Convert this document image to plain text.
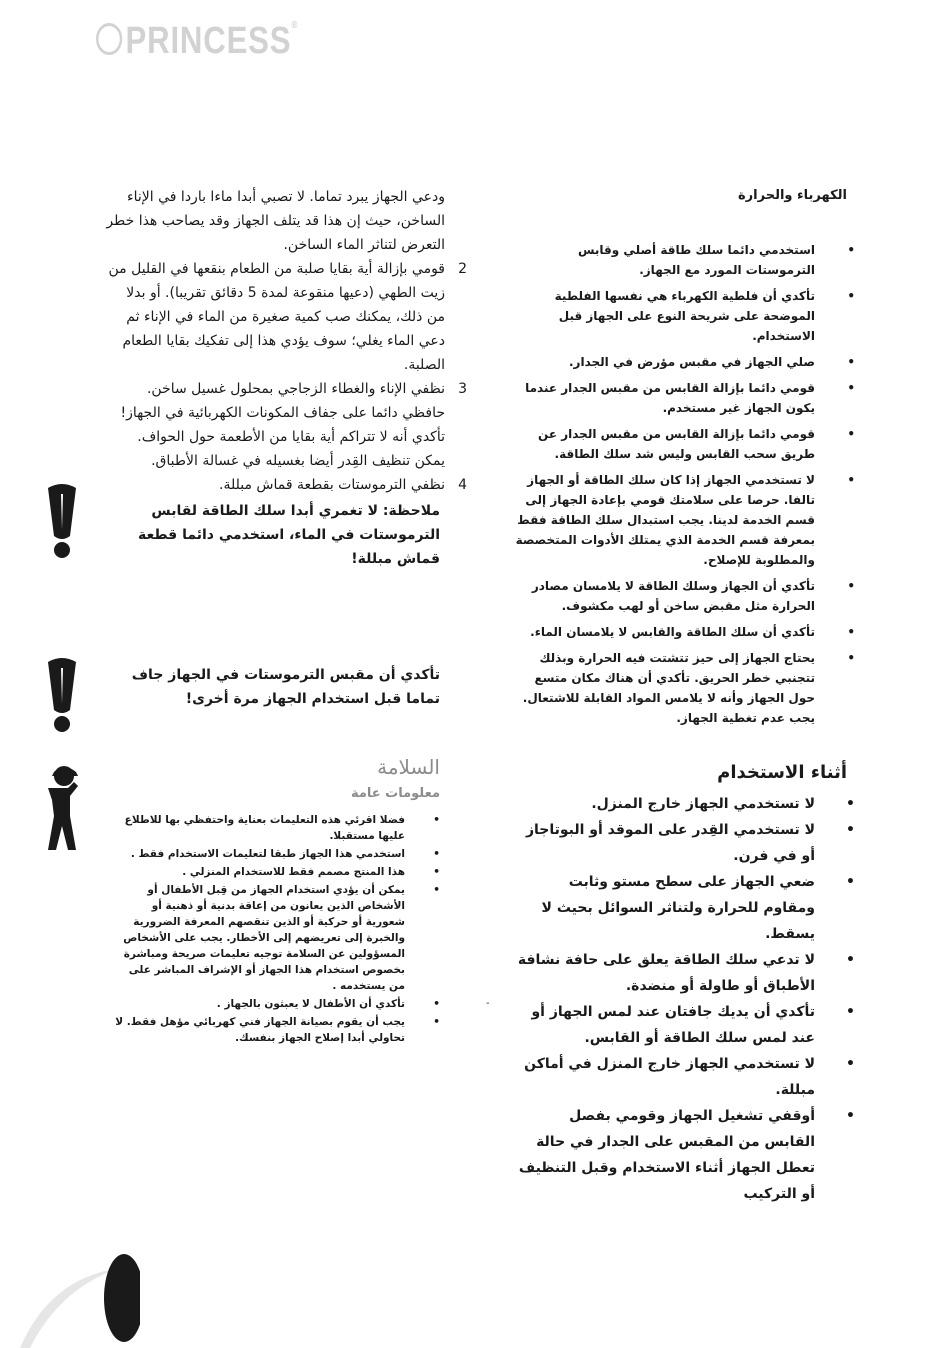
PRINCESS®
الكهرباء والحرارة
•
استخدمي دائما سلك طاقة أصلي وقابس الترموستات المورد مع الجهاز.
•
تأكدي أن فلطية الكهرباء هي نفسها الفلطية الموضحة على شريحة النوع على الجهاز قبل الاستخدام.
•
صلي الجهاز في مقبس مؤرض في الجدار.
•
قومي دائما بإزالة القابس من مقبس الجدار عندما يكون الجهاز غير مستخدم.
•
قومي دائما بإزالة القابس من مقبس الجدار عن طريق سحب القابس وليس شد سلك الطاقة.
•
لا تستخدمي الجهاز إذا كان سلك الطاقة أو الجهاز تالفا. حرصا على سلامتك قومي بإعادة الجهاز إلى قسم الخدمة لدينا. يجب استبدال سلك الطاقة فقط بمعرفة قسم الخدمة الذي يمتلك الأدوات المتخصصة والمطلوبة للإصلاح.
•
تأكدي أن الجهاز وسلك الطاقة لا يلامسان مصادر الحرارة مثل مقبض ساخن أو لهب مكشوف.
•
تأكدي أن سلك الطاقة والقابس لا يلامسان الماء.
•
يحتاج الجهاز إلى حيز تتشتت فيه الحرارة وبذلك تتجنبي خطر الحريق. تأكدي أن هناك مكان متسع حول الجهاز وأنه لا يلامس المواد القابلة للاشتعال. يجب عدم تغطية الجهاز.
أثناء الاستخدام
•
لا تستخدمي الجهاز خارج المنزل.
•
لا تستخدمي القِدر على الموقد أو البوتاجاز أو في فرن.
•
ضعي الجهاز على سطح مستو وثابت ومقاوم للحرارة ولتناثر السوائل بحيث لا يسقط.
•
لا تدعي سلك الطاقة يعلق على حافة نشافة الأطباق أو طاولة أو منضدة.
•
تأكدي أن يديك جافتان عند لمس الجهاز أو عند لمس سلك الطاقة أو القابس.
•
لا تستخدمي الجهاز خارج المنزل في أماكن مبللة.
•
أوقفي تشغيل الجهاز وقومي بفصل القابس من المقبس على الجدار في حالة تعطل الجهاز أثناء الاستخدام وقبل التنظيف أو التركيب
-
ودعي الجهاز يبرد تماما. لا تصبي أبدا ماءا باردا في الإناء الساخن، حيث إن هذا قد يتلف الجهاز وقد يصاحب هذا خطر التعرض لتناثر الماء الساخن.
2
قومي بإزالة أية بقايا صلبة من الطعام بنقعها في القليل من زيت الطهي (دعيها منقوعة لمدة 5 دقائق تقريبا). أو بدلا من ذلك، يمكنك صب كمية صغيرة من الماء في الإناء ثم دعي الماء يغلي؛ سوف يؤدي هذا إلى تفكيك بقايا الطعام الصلبة.
3
نظفي الإناء والغطاء الزجاجي بمحلول غسيل ساخن. حافظي دائما على جفاف المكونات الكهربائية في الجهاز! تأكدي أنه لا تتراكم أية بقايا من الأطعمة حول الحواف. يمكن تنظيف القِدر أيضا بغسيله في غسالة الأطباق.
4
نظفي الترموستات بقطعة قماش مبللة.
ملاحظة: لا تغمري أبدا سلك الطاقة لقابس الترموستات في الماء، استخدمي دائما قطعة قماش مبللة!
تأكدي أن مقبس الترموستات في الجهاز جاف تماما قبل استخدام الجهاز مرة أخرى!
السلامة
معلومات عامة
•
فضلا اقرئي هذه التعليمات بعناية واحتفظي بها للاطلاع عليها مستقبلا.
•
استخدمي هذا الجهاز طبقا لتعليمات الاستخدام فقط .
•
هذا المنتج مصمم فقط للاستخدام المنزلي .
•
يمكن أن يؤدي استخدام الجهاز من قِبل الأطفال أو الأشخاص الذين يعانون من إعاقة بدنية أو ذهنية أو شعورية أو حركية أو الذين تنقصهم المعرفة الضرورية والخبرة إلى تعريضهم إلى الأخطار. يجب على الأشخاص المسؤولين عن السلامة توجيه تعليمات صريحة ومباشرة بخصوص استخدام هذا الجهاز أو الإشراف المباشر على من يستخدمه .
•
تأكدي أن الأطفال لا يعبثون بالجهاز .
•
يجب أن يقوم بصيانة الجهاز فني كهربائي مؤهل فقط. لا تحاولي أبدا إصلاح الجهاز بنفسك.
